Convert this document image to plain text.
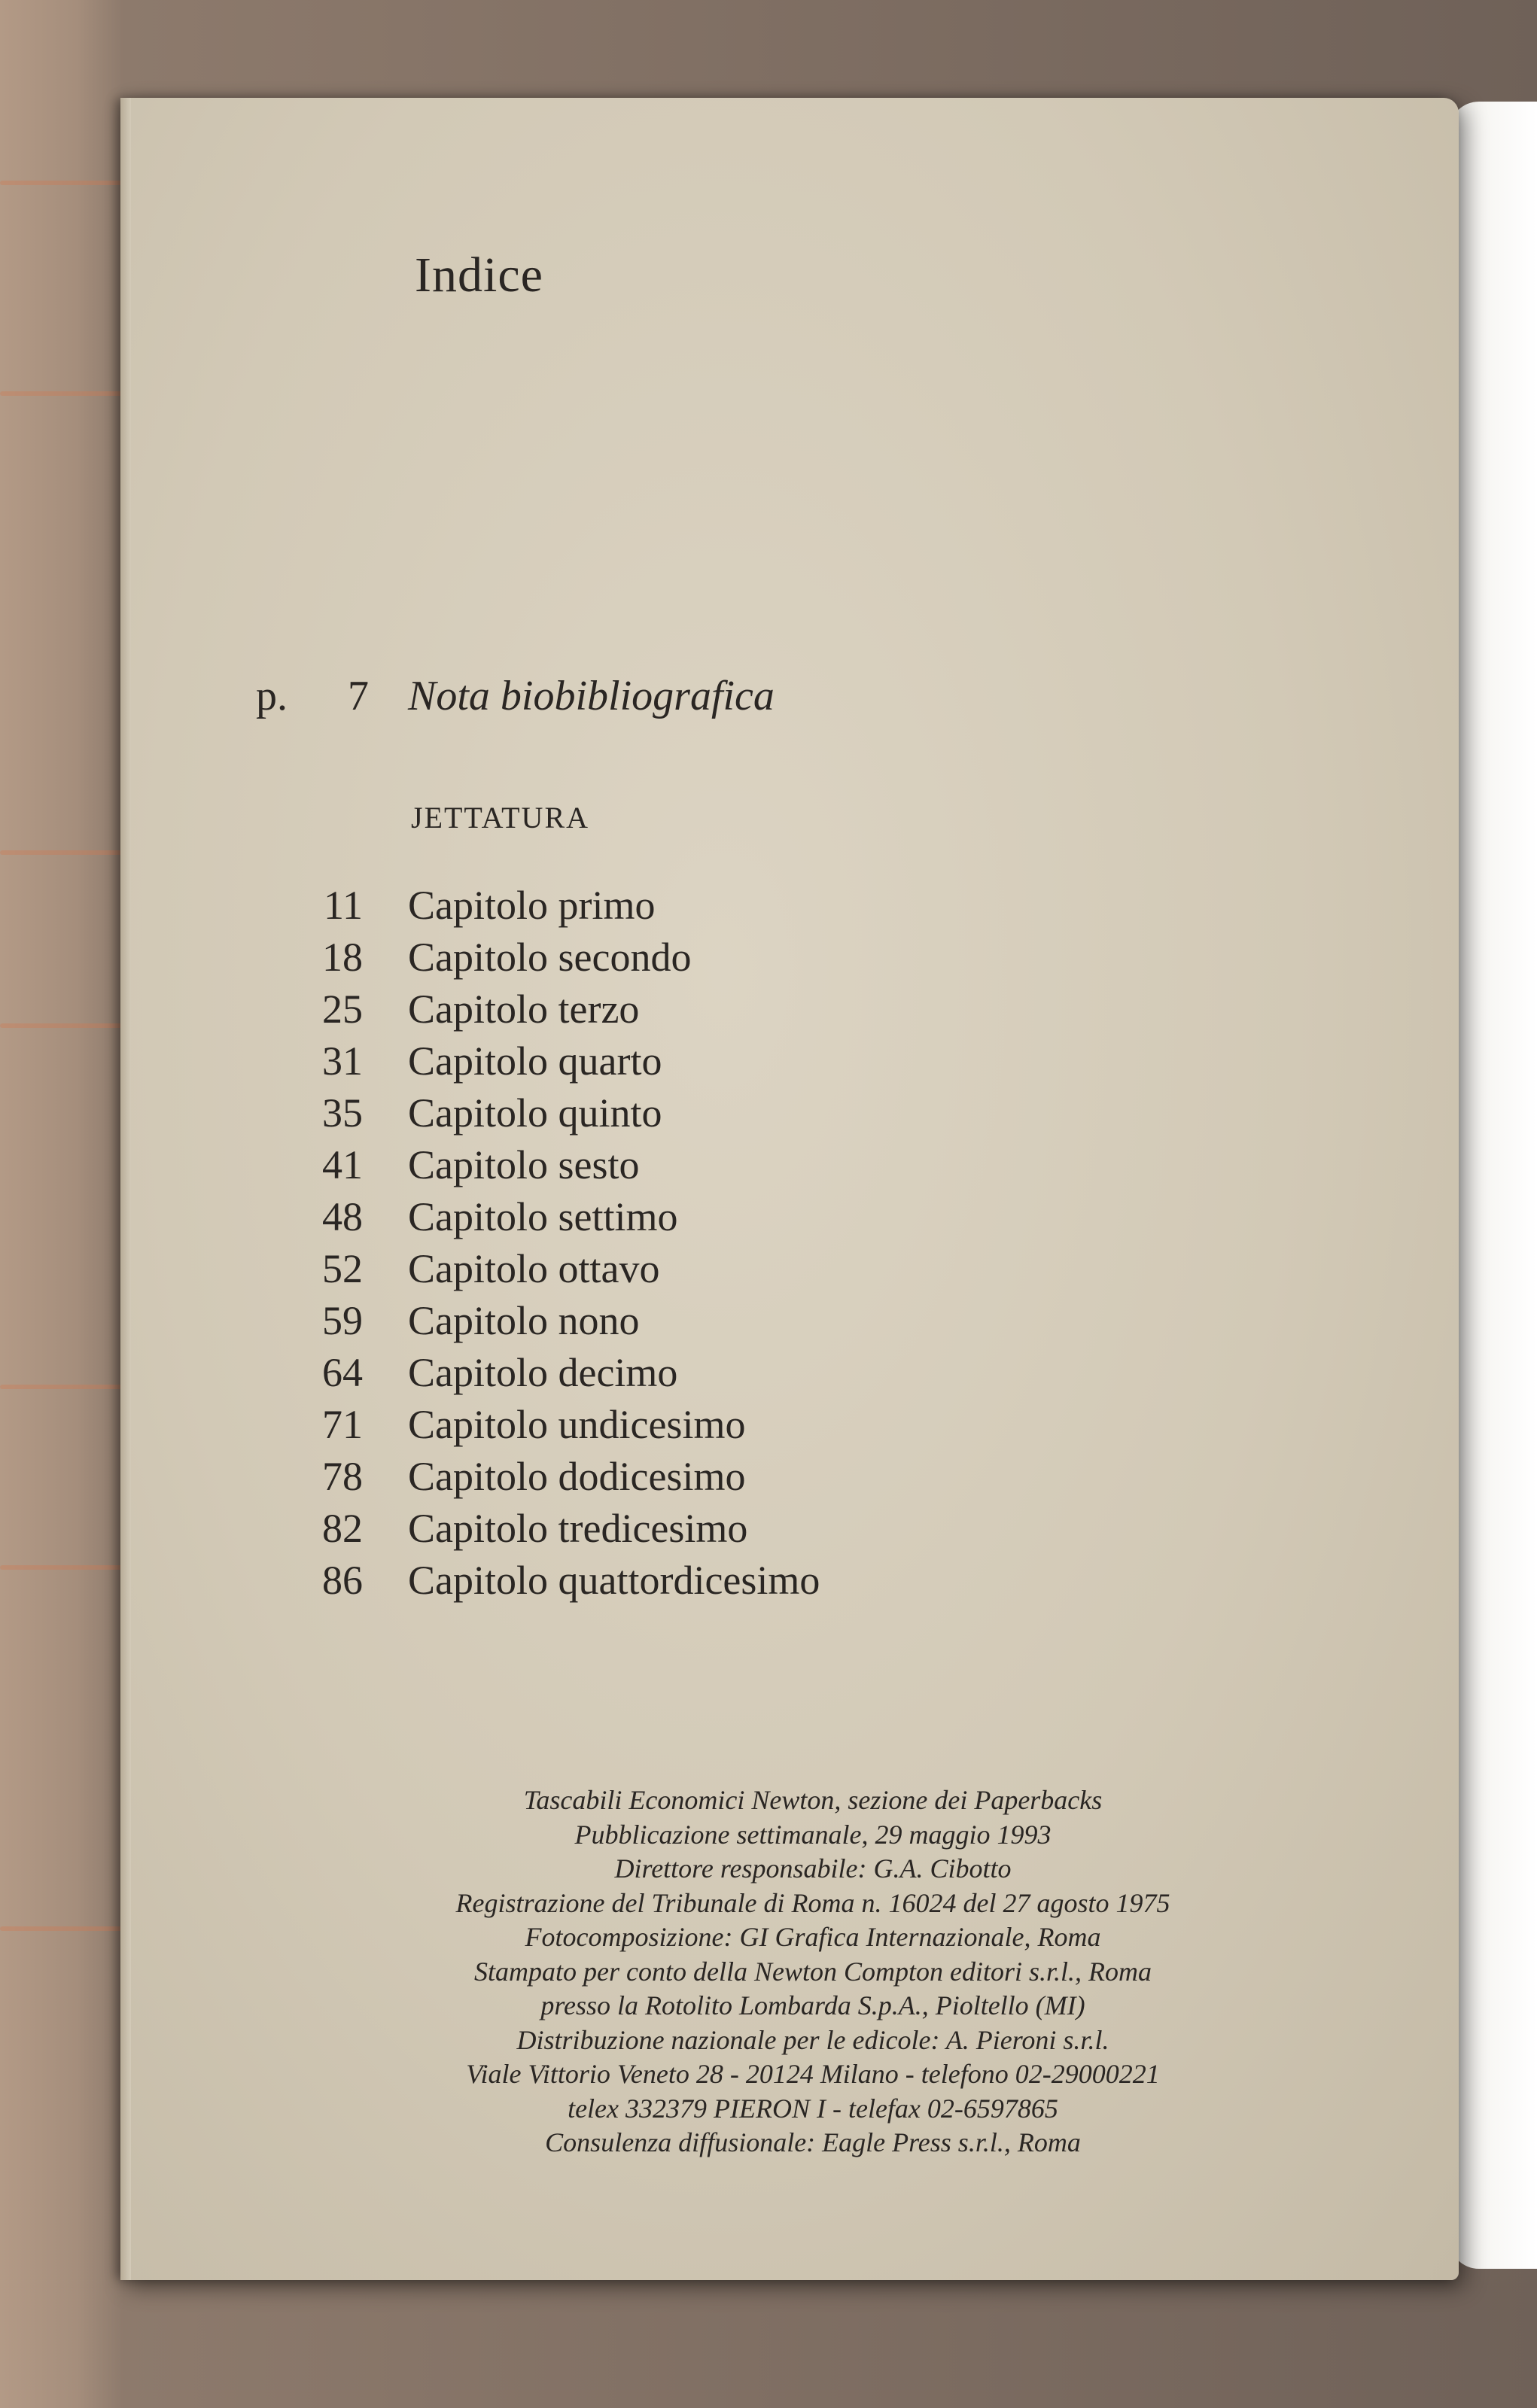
Indice
p.	7 Nota biobibliografica
JETTATURA
11 Capitolo primo
18 Capitolo secondo
25 Capitolo terzo
31 Capitolo quarto
35 Capitolo quinto
41 Capitolo sesto
48 Capitolo settimo
52 Capitolo ottavo
59 Capitolo nono
64 Capitolo decimo
71 Capitolo undicesimo
78 Capitolo dodicesimo
82 Capitolo tredicesimo
86 Capitolo quattordicesimo
Tascabili Economici Newton, sezione dei Paperbacks
Pubblicazione settimanale, 29 maggio 1993
Direttore responsabile: G.A. Cibotto
Registrazione del Tribunale di Roma n. 16024 del 27 agosto 1975
Fotocomposizione: GI Grafica Internazionale, Roma
Stampato per conto della Newton Compton editori s.r.l., Roma
presso la Rotolito Lombarda S.p.A., Pioltello (MI)
Distribuzione nazionale per le edicole: A. Pieroni s.r.l.
Viale Vittorio Veneto 28 - 20124 Milano - telefono 02-29000221
telex 332379 PIERON I - telefax 02-6597865
Consulenza diffusionale: Eagle Press s.r.l., Roma
